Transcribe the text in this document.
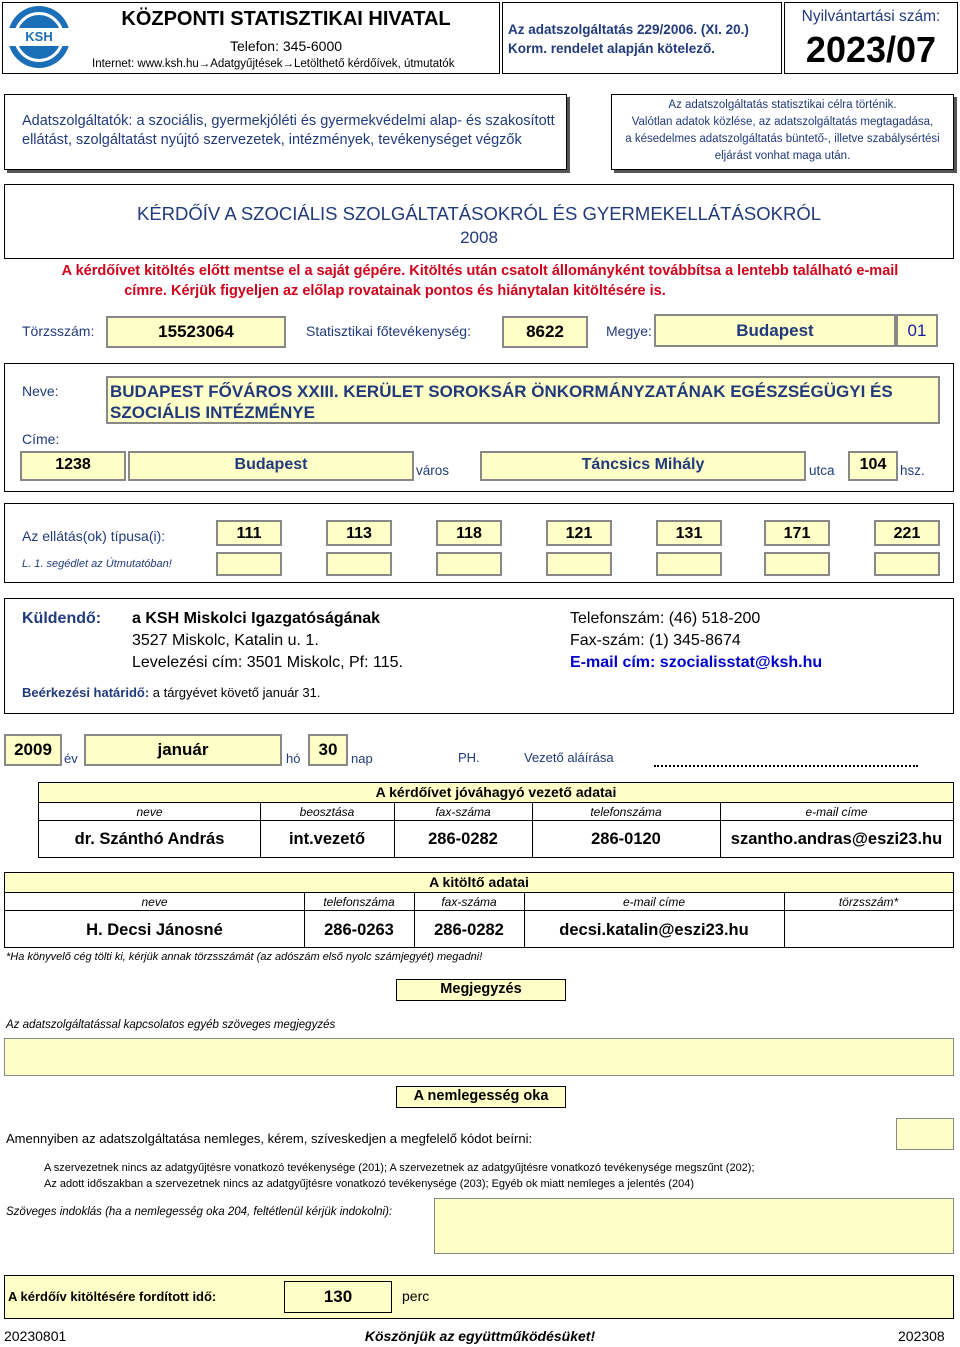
KSH
KÖZPONTI STATISZTIKAI HIVATAL
Telefon: 345-6000
Internet: www.ksh.hu→Adatgyűjtések→Letölthető kérdőívek, útmutatók
Az adatszolgáltatás 229/2006. (XI. 20.)
Korm. rendelet alapján kötelező.
Nyilvántartási szám:
2023/07
Adatszolgáltatók: a szociális, gyermekjóléti és gyermekvédelmi alap- és szakosított
ellátást, szolgáltatást nyújtó szervezetek, intézmények, tevékenységet végzők
Az adatszolgáltatás statisztikai célra történik.
Valótlan adatok közlése, az adatszolgáltatás megtagadása,
a késedelmes adatszolgáltatás büntető-, illetve szabálysértési
eljárást vonhat maga után.
KÉRDŐÍV A SZOCIÁLIS SZOLGÁLTATÁSOKRÓL ÉS GYERMEKELLÁTÁSOKRÓL
2008
A kérdőívet kitöltés előtt mentse el a saját gépére. Kitöltés után csatolt állományként továbbítsa a lentebb található e-mail
címre. Kérjük figyeljen az előlap rovatainak pontos és hiánytalan kitöltésére is.
Törzsszám:	15523064	Statisztikai főtevékenység:	8622	Megye:	Budapest	01
Neve:	BUDAPEST FŐVÁROS XXIII. KERÜLET SOROKSÁR ÖNKORMÁNYZATÁNAK EGÉSZSÉGÜGYI ÉS
SZOCIÁLIS INTÉZMÉNYE
Címe:
1238	Budapest	város	Táncsics Mihály	utca	104	hsz.
Az ellátás(ok) típusa(i):
L. 1. segédlet az Útmutatóban!
111	113	118	121	131	171	221
Küldendő: a KSH Miskolci Igazgatóságának
3527 Miskolc, Katalin u. 1.
Levelezési cím: 3501 Miskolc, Pf: 115.
Telefonszám: (46) 518-200
Fax-szám: (1) 345-8674
E-mail cím: szocialisstat@ksh.hu
Beérkezési határidő: a tárgyévet követő január 31.
2009 év	január	hó	30	nap	PH.	Vezető aláírása
A kérdőívet jóváhagyó vezető adatai
neve	beosztása	fax-száma	telefonszáma	e-mail címe
dr. Szánthó András	int.vezető	286-0282	286-0120	szantho.andras@eszi23.hu
A kitöltő adatai
neve	telefonszáma	fax-száma	e-mail címe	törzsszám*
H. Decsi Jánosné	286-0263	286-0282	decsi.katalin@eszi23.hu
*Ha könyvelő cég tölti ki, kérjük annak törzsszámát (az adószám első nyolc számjegyét) megadni!
Megjegyzés
Az adatszolgáltatással kapcsolatos egyéb szöveges megjegyzés
A nemlegesség oka
Amennyiben az adatszolgáltatása nemleges, kérem, szíveskedjen a megfelelő kódot beírni:
A szervezetnek nincs az adatgyűjtésre vonatkozó tevékenysége (201); A szervezetnek az adatgyűjtésre vonatkozó tevékenysége megszűnt (202);
Az adott időszakban a szervezetnek nincs az adatgyűjtésre vonatkozó tevékenysége (203); Egyéb ok miatt nemleges a jelentés (204)
Szöveges indoklás (ha a nemlegesség oka 204, feltétlenül kérjük indokolni):
A kérdőív kitöltésére fordított idő:	130	perc
20230801	Köszönjük az együttműködésüket!	202308
